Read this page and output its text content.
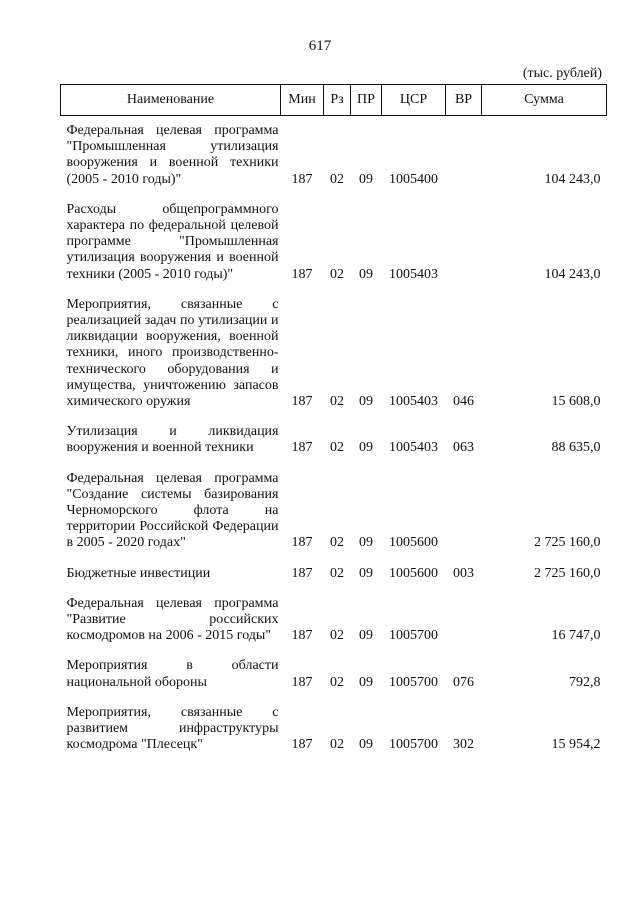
617
(тыс. рублей)
Наименование	Мин	Рз	ПР	ЦСР	ВР	Сумма
Федеральная целевая программа "Промышленная утилизация вооружения и военной техники (2005 - 2010 годы)"	187	02	09	1005400		104 243,0
Расходы общепрограммного характера по федеральной целевой программе "Промышленная утилизация вооружения и военной техники (2005 - 2010 годы)"	187	02	09	1005403		104 243,0
Мероприятия, связанные с реализацией задач по утилизации и ликвидации вооружения, военной техники, иного производственно-технического оборудования и имущества, уничтожению запасов химического оружия	187	02	09	1005403	046	15 608,0
Утилизация и ликвидация вооружения и военной техники	187	02	09	1005403	063	88 635,0
Федеральная целевая программа "Создание системы базирования Черноморского флота на территории Российской Федерации в 2005 - 2020 годах"	187	02	09	1005600		2 725 160,0
Бюджетные инвестиции	187	02	09	1005600	003	2 725 160,0
Федеральная целевая программа "Развитие российских космодромов на 2006 - 2015 годы"	187	02	09	1005700		16 747,0
Мероприятия в области национальной обороны	187	02	09	1005700	076	792,8
Мероприятия, связанные с развитием инфраструктуры космодрома "Плесецк"	187	02	09	1005700	302	15 954,2
